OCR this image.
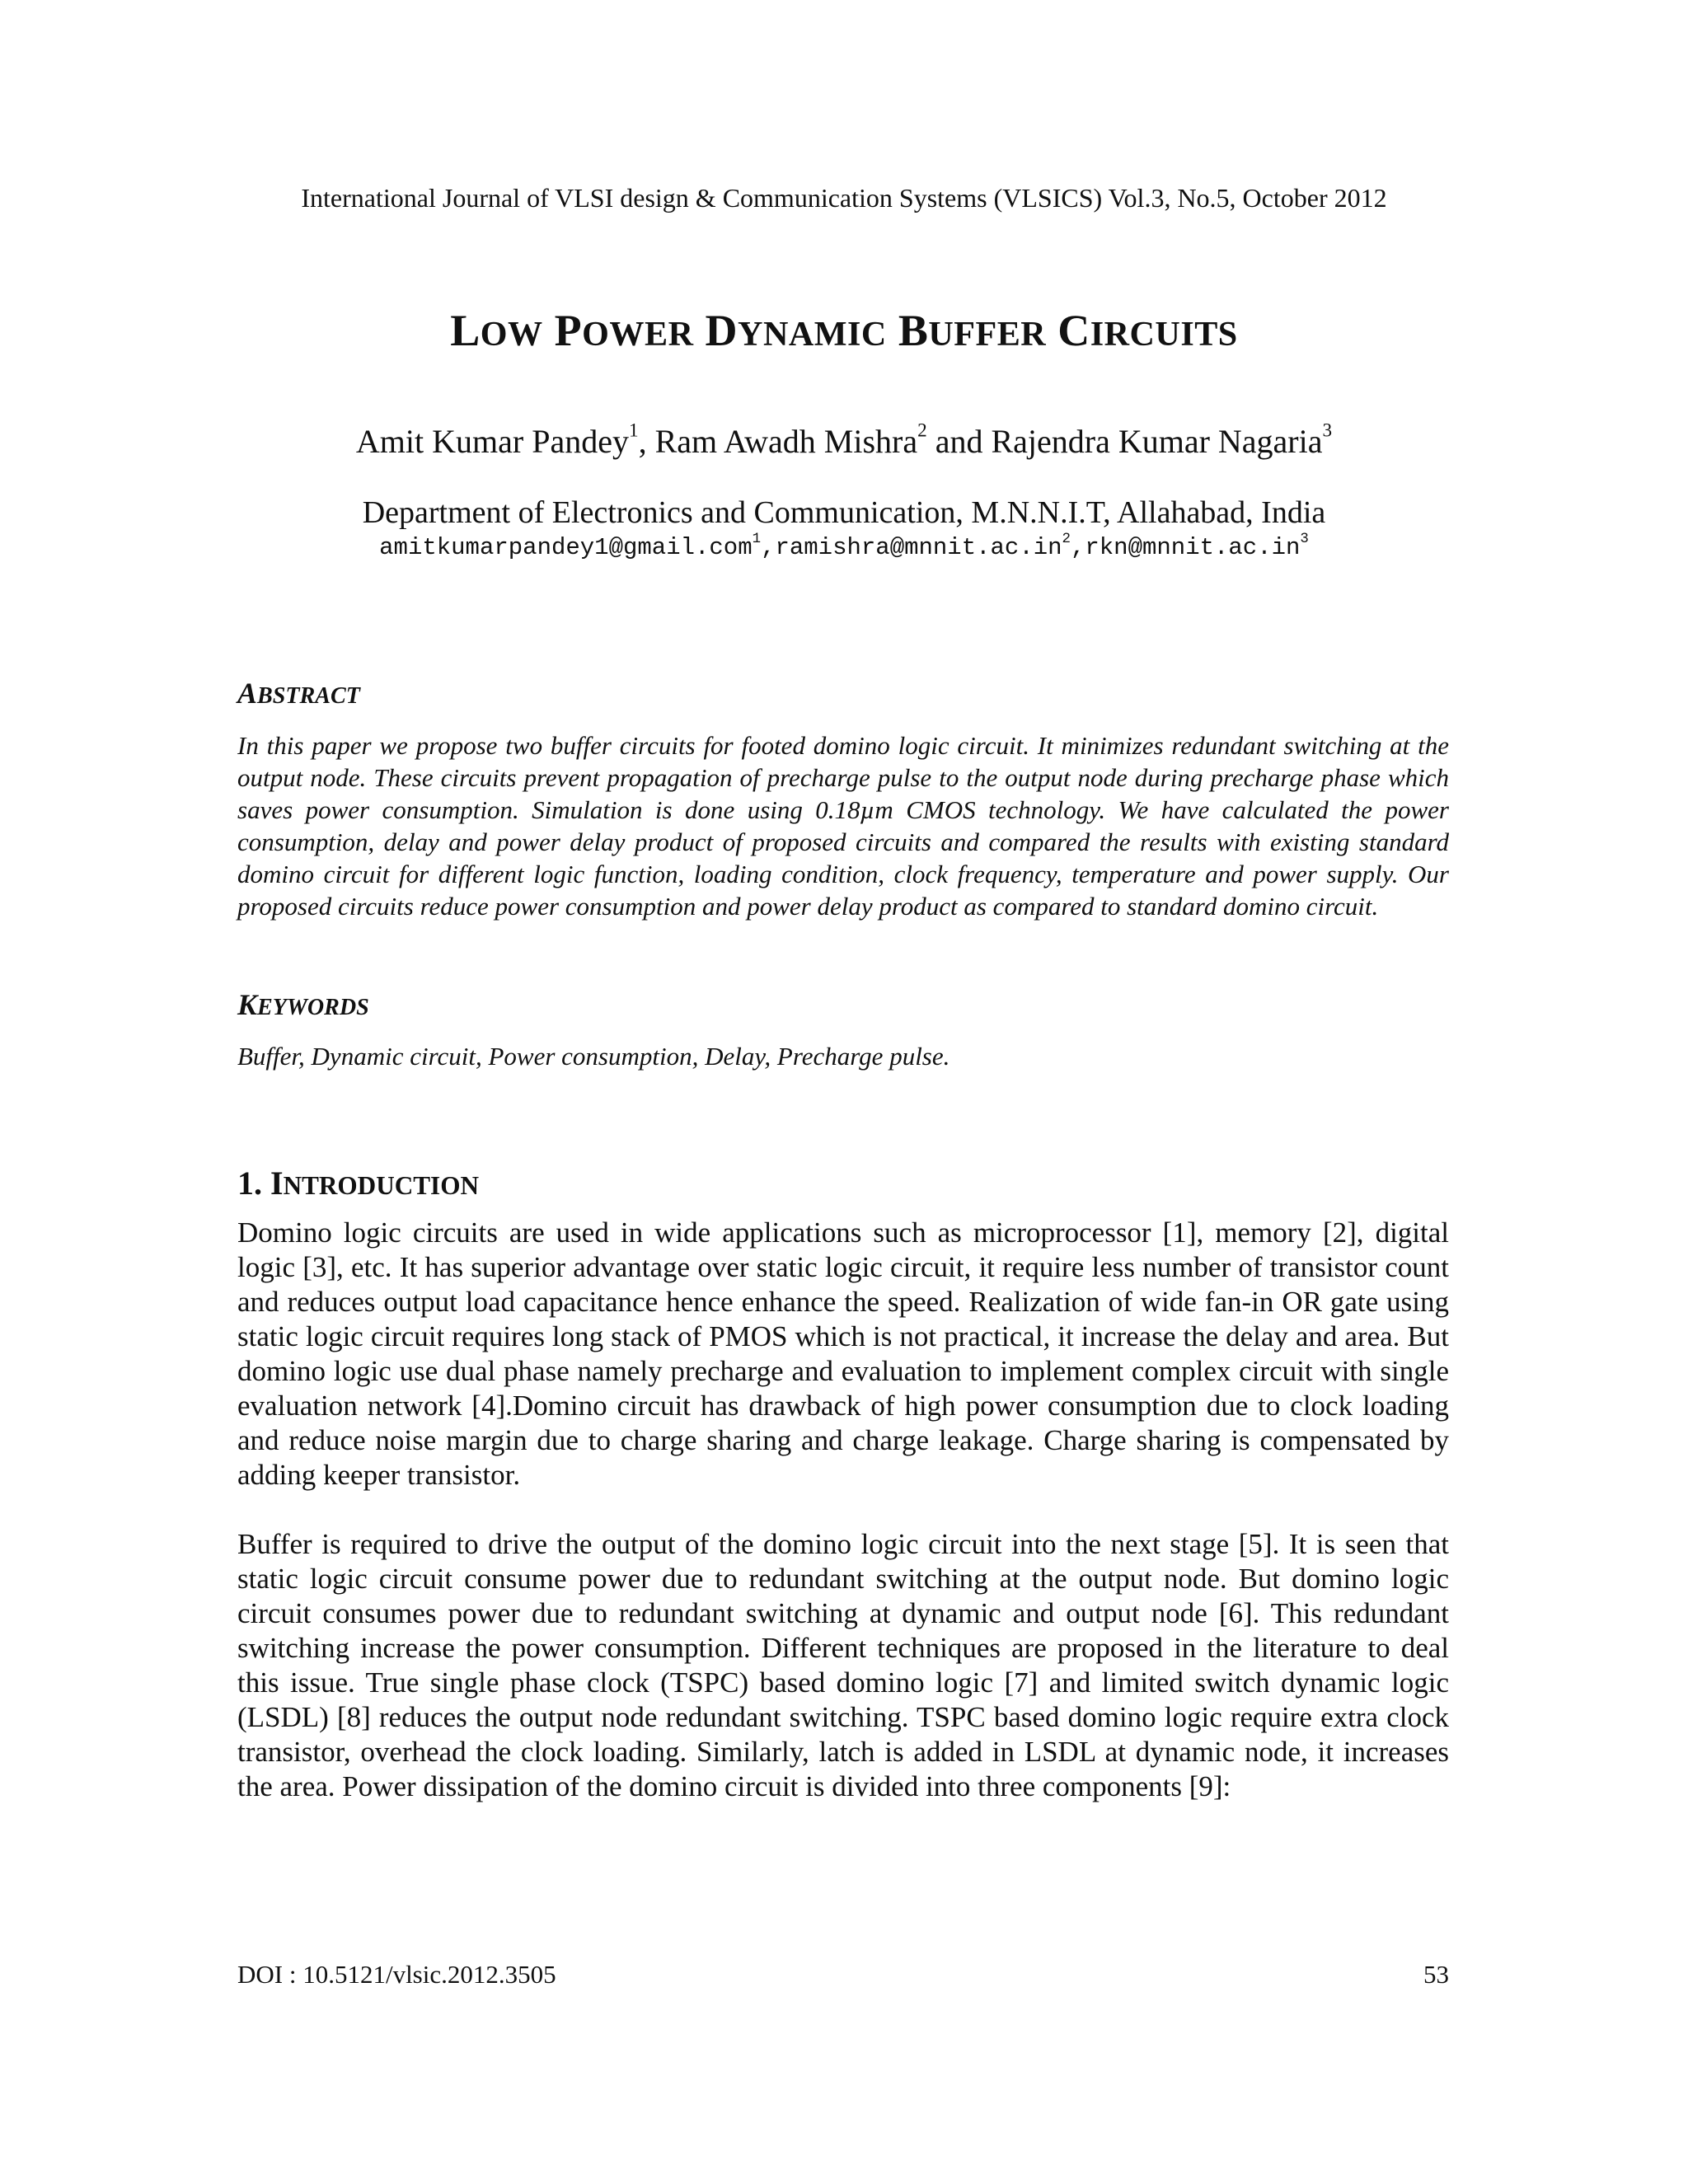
International Journal of VLSI design & Communication Systems (VLSICS) Vol.3, No.5, October 2012
LOW POWER DYNAMIC BUFFER CIRCUITS
Amit Kumar Pandey$^1$, Ram Awadh Mishra$^2$ and Rajendra Kumar Nagaria$^3$
Department of Electronics and Communication, M.N.N.I.T, Allahabad, India
$amitkumarpandey1@gmail.com^1,ramishra@mnnit.ac.in^2,rkn@mnnit.ac.in^3$
ABSTRACT
In this paper we propose two buffer circuits for footed domino logic circuit. It minimizes redundant switching at the output node. These circuits prevent propagation of precharge pulse to the output node during precharge phase which saves power consumption. Simulation is done using 0.18µm CMOS technology. We have calculated the power consumption, delay and power delay product of proposed circuits and compared the results with existing standard domino circuit for different logic function, loading condition, clock frequency, temperature and power supply. Our proposed circuits reduce power consumption and power delay product as compared to standard domino circuit.
KEYWORDS
Buffer, Dynamic circuit, Power consumption, Delay, Precharge pulse.
1. INTRODUCTION
Domino logic circuits are used in wide applications such as microprocessor [1], memory [2], digital logic [3], etc. It has superior advantage over static logic circuit, it require less number of transistor count and reduces output load capacitance hence enhance the speed. Realization of wide fan-in OR gate using static logic circuit requires long stack of PMOS which is not practical, it increase the delay and area. But domino logic use dual phase namely precharge and evaluation to implement complex circuit with single evaluation network [4].Domino circuit has drawback of high power consumption due to clock loading and reduce noise margin due to charge sharing and charge leakage. Charge sharing is compensated by adding keeper transistor.
Buffer is required to drive the output of the domino logic circuit into the next stage [5]. It is seen that static logic circuit consume power due to redundant switching at the output node. But domino logic circuit consumes power due to redundant switching at dynamic and output node [6]. This redundant switching increase the power consumption. Different techniques are proposed in the literature to deal this issue. True single phase clock (TSPC) based domino logic [7] and limited switch dynamic logic (LSDL) [8] reduces the output node redundant switching. TSPC based domino logic require extra clock transistor, overhead the clock loading. Similarly, latch is added in LSDL at dynamic node, it increases the area. Power dissipation of the domino circuit is divided into three components [9]:
DOI : 10.5121/vlsic.2012.3505	53
